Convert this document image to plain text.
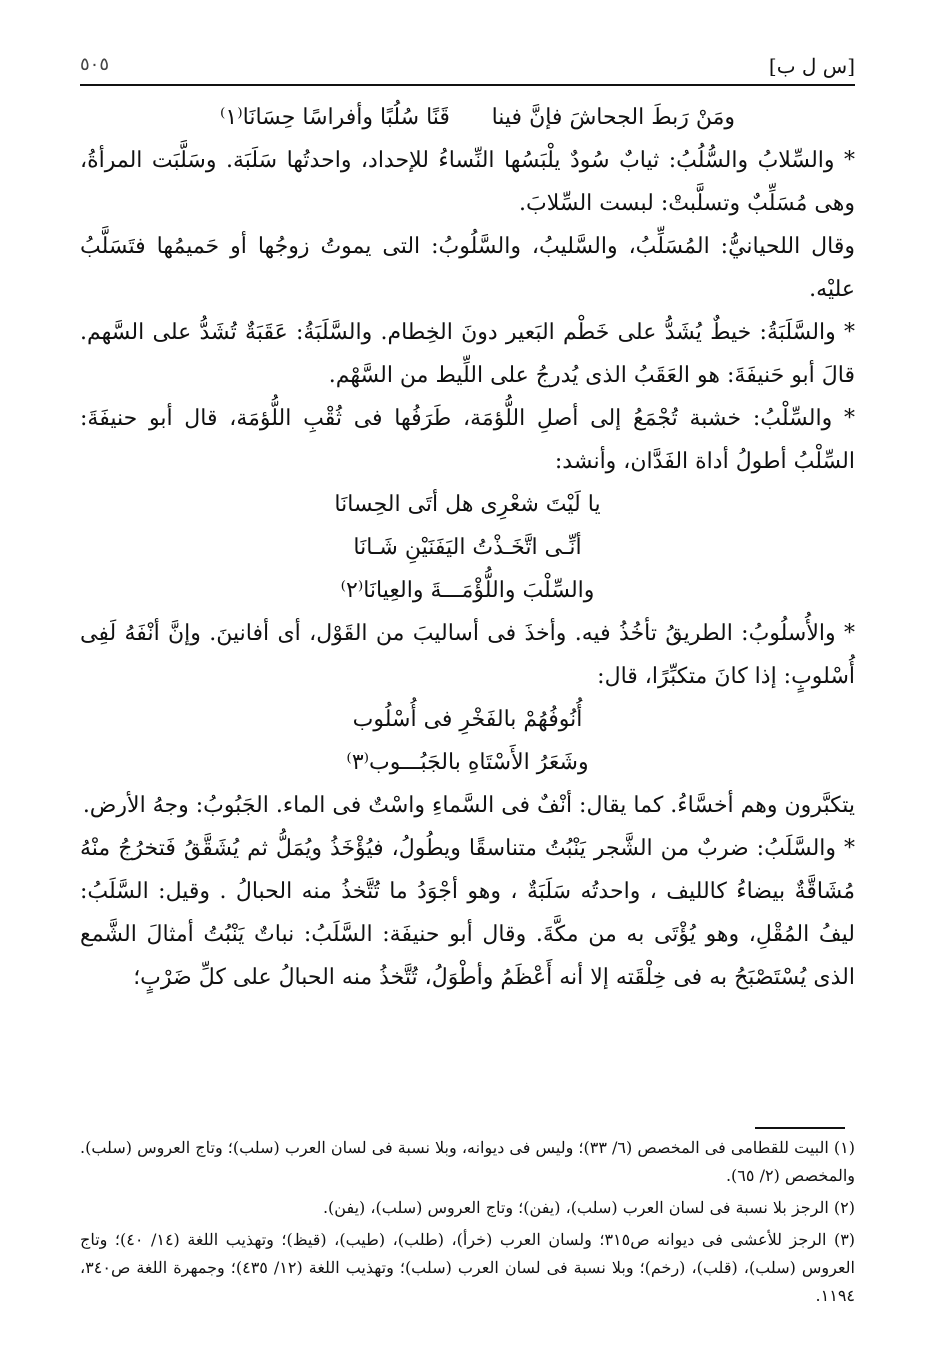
[س ل ب]
٥٠٥
ومَنْ رَبطَ الجحاشَ فإنَّ فينا
قَنًا سُلُبًا وأفراسًا حِسَانَا⁽١⁾

* والسِّلابُ والسُّلُبُ: ثيابٌ سُودٌ يلْبَسُها النِّساءُ للإحداد، واحدتُها سَلَبَة. وسَلَّبَت المرأةُ، وهى مُسَلِّبٌ وتسلَّبتْ: لبست السِّلابَ.

وقال اللحيانيُّ: المُسَلِّبُ، والسَّليبُ، والسَّلُوبُ: التى يموتُ زوجُها أو حَميمُها فتَسَلَّبُ عليْه.

* والسَّلَبَةُ: خيطٌ يُشَدُّ على خَطْم البَعير دونَ الخِطام. والسَّلَبَةُ: عَقَبَةٌ تُشَدُّ على السَّهم. قالَ أبو حَنيفَةَ: هو العَقَبُ الذى يُدرجُ على اللِّيط من السَّهْم.

* والسِّلْبُ: خشبة تُجْمَعُ إلى أصلِ اللُّؤمَة، طَرَفُها فى ثُقْبِ اللُّؤمَة، قال أبو حنيفَةَ: السِّلْبُ أطولُ أداة الفَدَّان، وأنشد:

يا لَيْتَ شعْرِى هل أتَى الحِسانَا

أنِّـى اتَّخَـذْتُ اليَفَنَيْنِ شَـانَا

والسِّلْبَ واللُّؤْمَـــةَ والعِيانَا⁽٢⁾

* والأُسلُوبُ: الطريقُ تأخُذُ فيه. وأخذَ فى أساليبَ من القَوْل، أى أفانينَ. وإنَّ أنْفَهُ لَفِى أُسْلوبٍ: إذا كانَ متكبِّرًا، قال:

أُنُوفُهُمْ بالفَخْرِ فى أُسْلُوب

وشَعَرُ الأَسْتَاهِ بالجَبُـــوب⁽٣⁾

يتكبَّرون وهم أخسَّاءُ. كما يقال: أنْفٌ فى السَّماءِ واسْتٌ فى الماء. الجَبُوبُ: وجهُ الأرض.

* والسَّلَبُ: ضربٌ من الشَّجر يَنْبُتُ متناسقًا ويطُولُ، فيُؤْخَذُ ويُمَلُّ ثم يُشَقَّقُ فَتخرُجُ منْهُ مُشَاقَّةٌ بيضاءُ كالليف ، واحدتُه سَلَبَةٌ ، وهو أجْوَدُ ما تُتَّخذُ منه الحبالُ . وقيل: السَّلَبُ: ليفُ المُقْلِ، وهو يُؤْتَى به من مكَّةَ. وقال أبو حنيفَة: السَّلَبُ: نباتٌ يَنْبُتُ أمثالَ الشَّمع الذى يُسْتَصْبَحُ به فى خِلْقَته إلا أنه أَعْظَمُ وأطْوَلُ، تُتَّخذُ منه الحبالُ على كلِّ ضَرْبٍ؛

(١) البيت للقطامى فى المخصص (٦/ ٣٣)؛ وليس فى ديوانه، وبلا نسبة فى لسان العرب (سلب)؛ وتاج العروس (سلب). والمخصص (٢/ ٦٥).

(٢) الرجز بلا نسبة فى لسان العرب (سلب)، (يفن)؛ وتاج العروس (سلب)، (يفن).

(٣) الرجز للأعشى فى ديوانه ص٣١٥؛ ولسان العرب (خرأ)، (طلب)، (طيب)، (قيظ)؛ وتهذيب اللغة (١٤/ ٤٠)؛ وتاج العروس (سلب)، (قلب)، (رخم)؛ وبلا نسبة فى لسان العرب (سلب)؛ وتهذيب اللغة (١٢/ ٤٣٥)؛ وجمهرة اللغة ص٣٤٠، ١١٩٤.
